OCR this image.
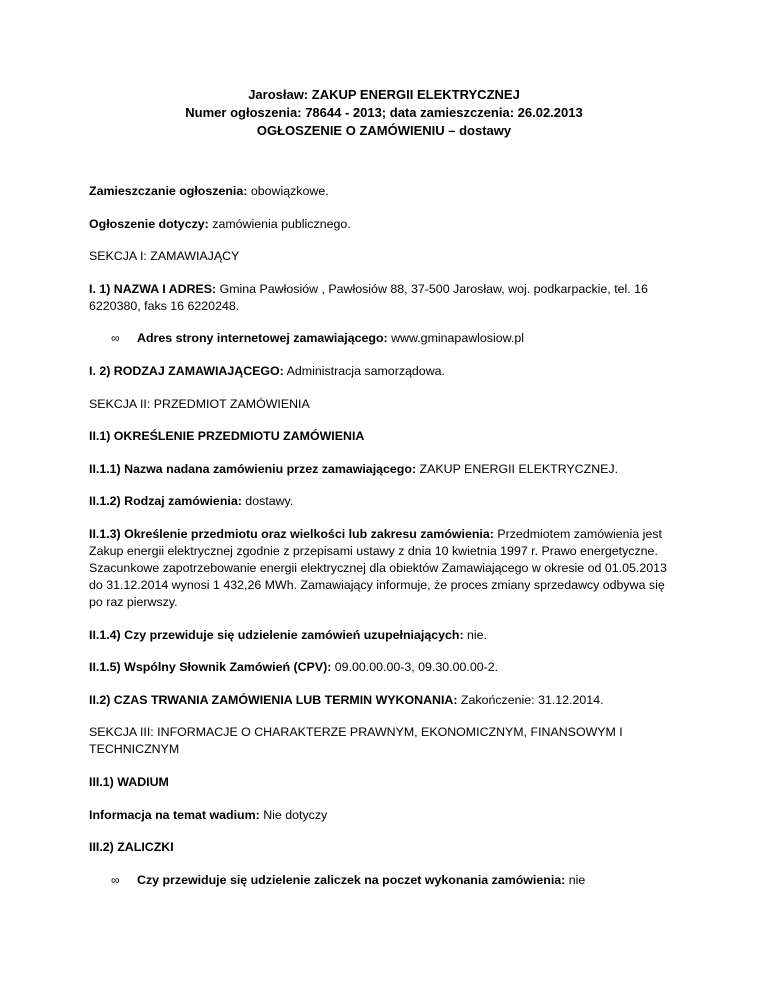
Jarosław: ZAKUP ENERGII ELEKTRYCZNEJ
Numer ogłoszenia: 78644 - 2013; data zamieszczenia: 26.02.2013
OGŁOSZENIE O ZAMÓWIENIU – dostawy

Zamieszczanie ogłoszenia: obowiązkowe.

Ogłoszenie dotyczy: zamówienia publicznego.

SEKCJA I: ZAMAWIAJĄCY

I. 1) NAZWA I ADRES: Gmina Pawłosiów , Pawłosiów 88, 37-500 Jarosław, woj. podkarpackie, tel. 16 6220380, faks 16 6220248.

∞ Adres strony internetowej zamawiającego: www.gminapawlosiow.pl

I. 2) RODZAJ ZAMAWIAJĄCEGO: Administracja samorządowa.

SEKCJA II: PRZEDMIOT ZAMÓWIENIA

II.1) OKREŚLENIE PRZEDMIOTU ZAMÓWIENIA

II.1.1) Nazwa nadana zamówieniu przez zamawiającego: ZAKUP ENERGII ELEKTRYCZNEJ.

II.1.2) Rodzaj zamówienia: dostawy.

II.1.3) Określenie przedmiotu oraz wielkości lub zakresu zamówienia: Przedmiotem zamówienia jest Zakup energii elektrycznej zgodnie z przepisami ustawy z dnia 10 kwietnia 1997 r. Prawo energetyczne. Szacunkowe zapotrzebowanie energii elektrycznej dla obiektów Zamawiającego w okresie od 01.05.2013 do 31.12.2014 wynosi 1 432,26 MWh. Zamawiający informuje, że proces zmiany sprzedawcy odbywa się po raz pierwszy.

II.1.4) Czy przewiduje się udzielenie zamówień uzupełniających: nie.

II.1.5) Wspólny Słownik Zamówień (CPV): 09.00.00.00-3, 09.30.00.00-2.

II.2) CZAS TRWANIA ZAMÓWIENIA LUB TERMIN WYKONANIA: Zakończenie: 31.12.2014.

SEKCJA III: INFORMACJE O CHARAKTERZE PRAWNYM, EKONOMICZNYM, FINANSOWYM I TECHNICZNYM

III.1) WADIUM

Informacja na temat wadium: Nie dotyczy

III.2) ZALICZKI

∞ Czy przewiduje się udzielenie zaliczek na poczet wykonania zamówienia: nie
